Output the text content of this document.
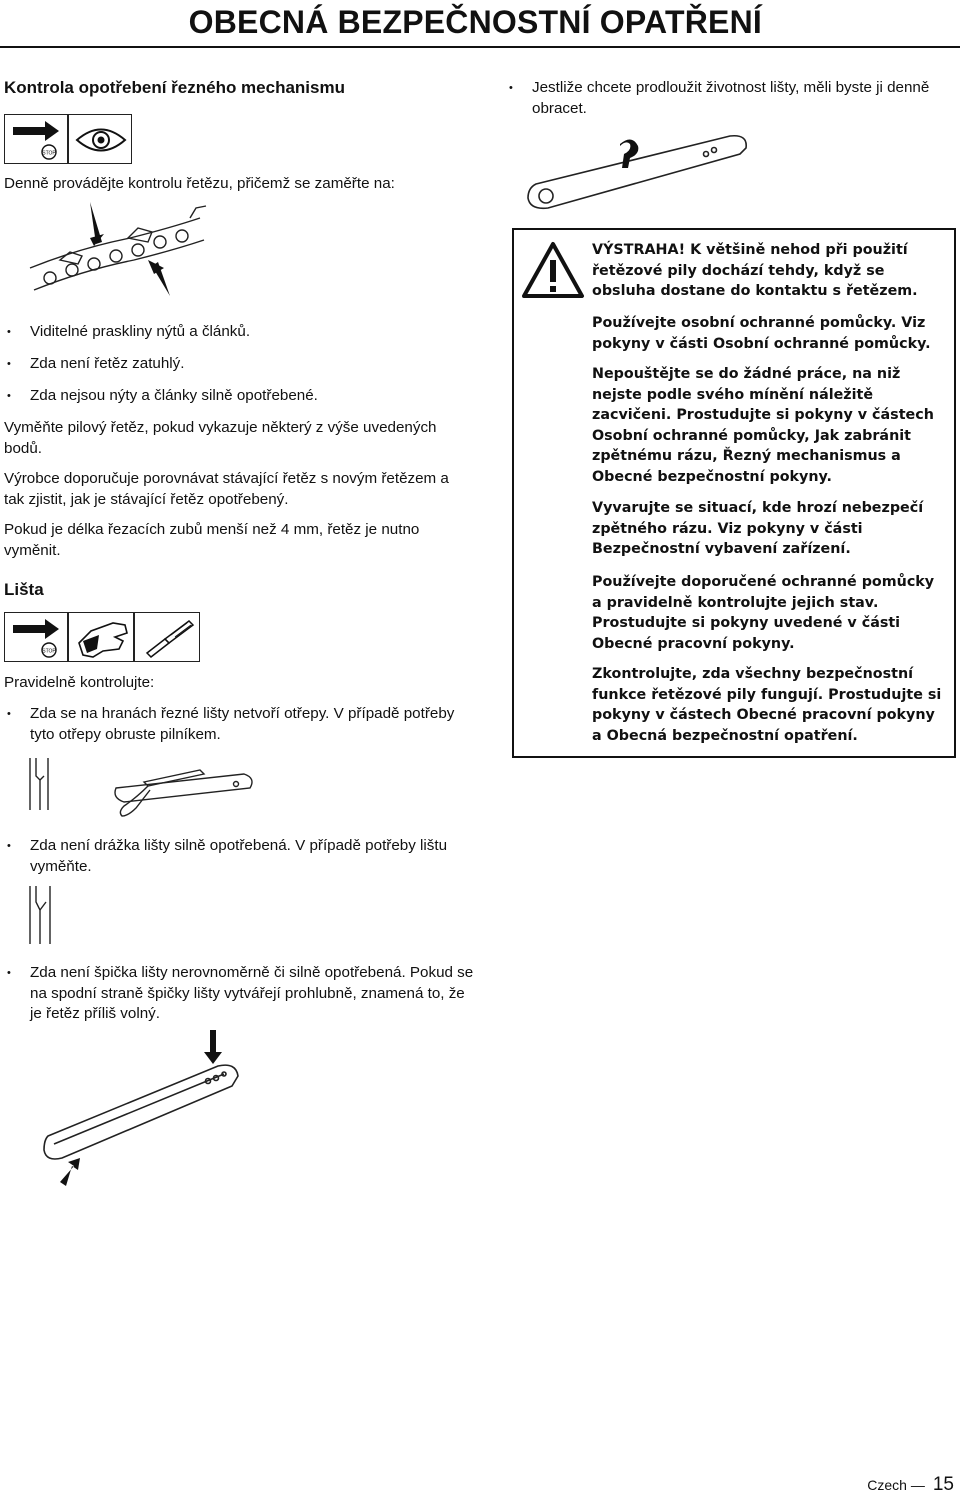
OBECNÁ BEZPEČNOSTNÍ OPATŘENÍ
Kontrola opotřebení řezného mechanismu
STOP
Denně provádějte kontrolu řetězu, přičemž se zaměřte na:
• Viditelné praskliny nýtů a článků.
• Zda není řetěz zatuhlý.
• Zda nejsou nýty a články silně opotřebené.
Vyměňte pilový řetěz, pokud vykazuje některý z výše uvedených bodů.
Výrobce doporučuje porovnávat stávající řetěz s novým řetězem a tak zjistit, jak je stávající řetěz opotřebený.
Pokud je délka řezacích zubů menší než 4 mm, řetěz je nutno vyměnit.
Lišta
STOP
Pravidelně kontrolujte:
• Zda se na hranách řezné lišty netvoří otřepy. V případě potřeby tyto otřepy obruste pilníkem.
• Zda není drážka lišty silně opotřebená. V případě potřeby lištu vyměňte.
• Zda není špička lišty nerovnoměrně či silně opotřebená. Pokud se na spodní straně špičky lišty vytvářejí prohlubně, znamená to, že je řetěz příliš volný.
• Jestliže chcete prodloužit životnost lišty, měli byste ji denně obracet.
VÝSTRAHA! K většině nehod při použití řetězové pily dochází tehdy, když se obsluha dostane do kontaktu s řetězem.
Používejte osobní ochranné pomůcky. Viz pokyny v části Osobní ochranné pomůcky.
Nepouštějte se do žádné práce, na niž nejste podle svého mínění náležitě zacvičeni. Prostudujte si pokyny v částech Osobní ochranné pomůcky, Jak zabránit zpětnému rázu, Řezný mechanismus a Obecné bezpečnostní pokyny.
Vyvarujte se situací, kde hrozí nebezpečí zpětného rázu. Viz pokyny v části Bezpečnostní vybavení zařízení.
Používejte doporučené ochranné pomůcky a pravidelně kontrolujte jejich stav. Prostudujte si pokyny uvedené v části Obecné pracovní pokyny.
Zkontrolujte, zda všechny bezpečnostní funkce řetězové pily fungují. Prostudujte si pokyny v částech Obecné pracovní pokyny a Obecná bezpečnostní opatření.
Czech — 15
